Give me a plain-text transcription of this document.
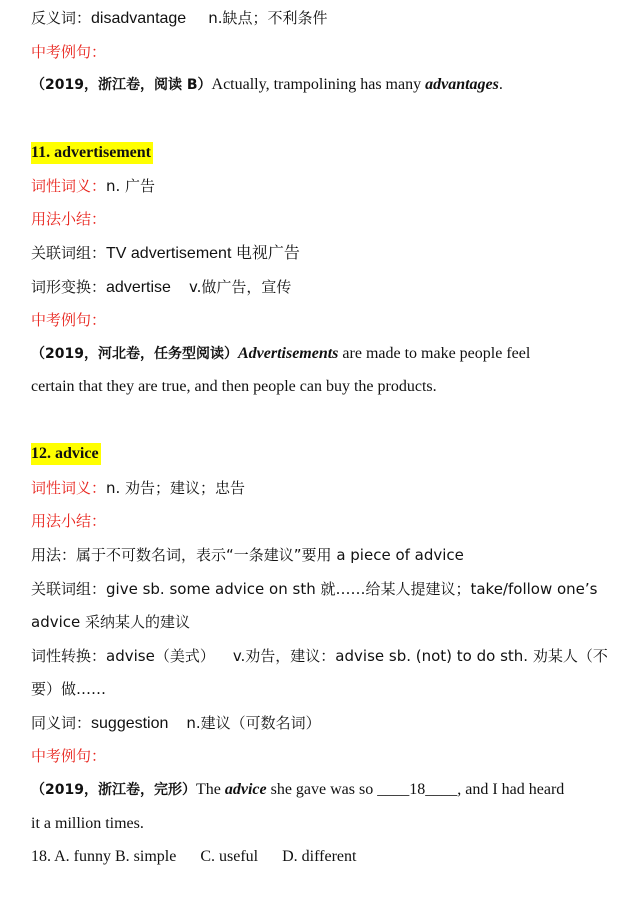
反义词：disadvantage n.缺点；不利条件
中考例句：
（2019，浙江卷，阅读 B）Actually, trampolining has many advantages.
11. advertisement
词性词义：n. 广告
用法小结：
关联词组：TV advertisement 电视广告
词形变换：advertise v.做广告，宣传
中考例句：
（2019，河北卷，任务型阅读）Advertisements are made to make people feel
certain that they are true, and then people can buy the products.
12. advice
词性词义：n. 劝告；建议；忠告
用法小结：
用法：属于不可数名词，表示“一条建议”要用 a piece of advice
关联词组：give sb. some advice on sth 就……给某人提建议；take/follow one’s
advice 采纳某人的建议
词性转换：advise（美式） v.劝告，建议：advise sb. (not) to do sth. 劝某人（不
要）做……
同义词：suggestion n.建议（可数名词）
中考例句：
（2019，浙江卷，完形）The advice she gave was so ____18____, and I had heard
it a million times.
18. A. funny B. simple      C. useful      D. different
